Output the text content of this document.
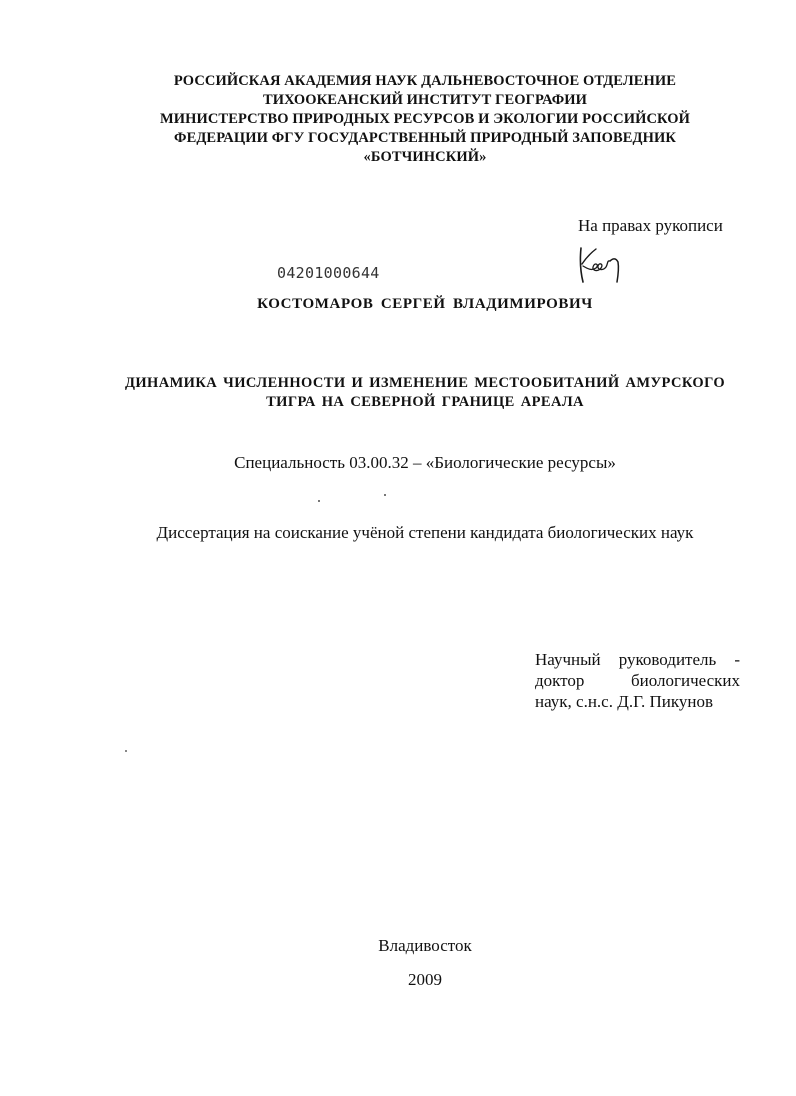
РОССИЙСКАЯ АКАДЕМИЯ НАУК ДАЛЬНЕВОСТОЧНОЕ ОТДЕЛЕНИЕ
ТИХООКЕАНСКИЙ ИНСТИТУТ ГЕОГРАФИИ
МИНИСТЕРСТВО ПРИРОДНЫХ РЕСУРСОВ И ЭКОЛОГИИ РОССИЙСКОЙ
ФЕДЕРАЦИИ ФГУ ГОСУДАРСТВЕННЫЙ ПРИРОДНЫЙ ЗАПОВЕДНИК
«БОТЧИНСКИЙ»
На правах рукописи
04201000644
КОСТОМАРОВ СЕРГЕЙ ВЛАДИМИРОВИЧ
ДИНАМИКА ЧИСЛЕННОСТИ И ИЗМЕНЕНИЕ МЕСТООБИТАНИЙ АМУРСКОГО
ТИГРА НА СЕВЕРНОЙ ГРАНИЦЕ АРЕАЛА
Специальность 03.00.32 – «Биологические ресурсы»
Диссертация на соискание учёной степени кандидата биологических наук
Научный руководитель -
доктор биологических
наук, с.н.с. Д.Г. Пикунов
Владивосток
2009
